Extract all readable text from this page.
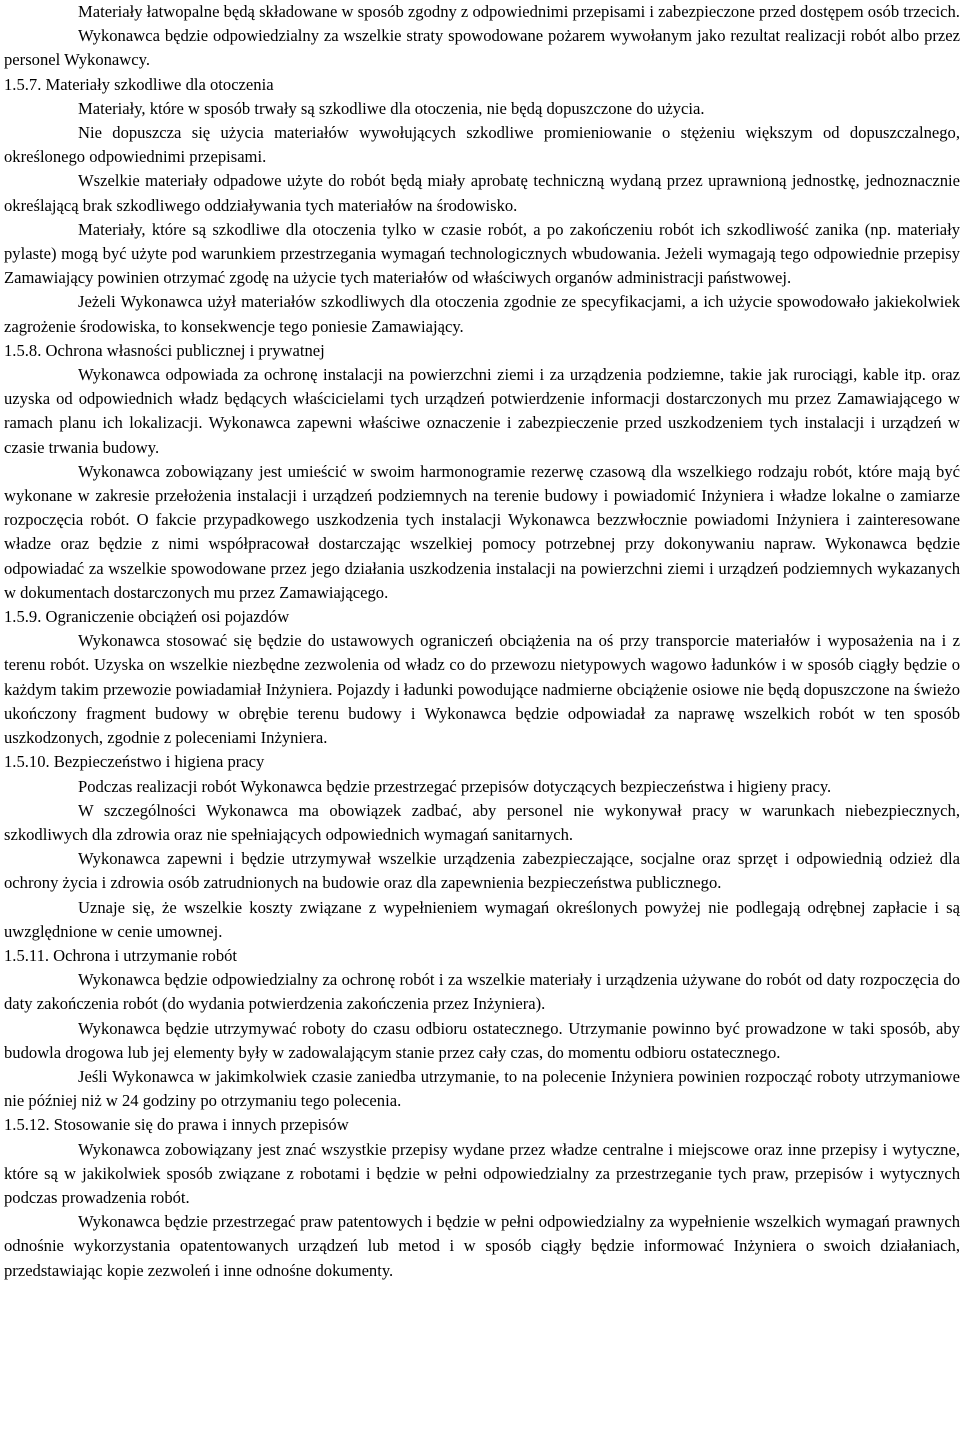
Materiały łatwopalne będą składowane w sposób zgodny z odpowiednimi przepisami i zabezpieczone przed dostępem osób trzecich.

Wykonawca będzie odpowiedzialny za wszelkie straty spowodowane pożarem wywołanym jako rezultat realizacji robót albo przez personel Wykonawcy.

1.5.7. Materiały szkodliwe dla otoczenia

Materiały, które w sposób trwały są szkodliwe dla otoczenia, nie będą dopuszczone do użycia.

Nie dopuszcza się użycia materiałów wywołujących szkodliwe promieniowanie o stężeniu większym od dopuszczalnego, określonego odpowiednimi przepisami.

Wszelkie materiały odpadowe użyte do robót będą miały aprobatę techniczną wydaną przez uprawnioną jednostkę, jednoznacznie określającą brak szkodliwego oddziaływania tych materiałów na środowisko.

Materiały, które są szkodliwe dla otoczenia tylko w czasie robót, a po zakończeniu robót ich szkodliwość zanika (np. materiały pylaste) mogą być użyte pod warunkiem przestrzegania wymagań technologicznych wbudowania. Jeżeli wymagają tego odpowiednie przepisy Zamawiający powinien otrzymać zgodę na użycie tych materiałów od właściwych organów administracji państwowej.

Jeżeli Wykonawca użył materiałów szkodliwych dla otoczenia zgodnie ze specyfikacjami, a ich użycie spowodowało jakiekolwiek zagrożenie środowiska, to konsekwencje tego poniesie Zamawiający.

1.5.8. Ochrona własności publicznej i prywatnej

Wykonawca odpowiada za ochronę instalacji na powierzchni ziemi i za urządzenia podziemne, takie jak rurociągi, kable itp. oraz uzyska od odpowiednich władz będących właścicielami tych urządzeń potwierdzenie informacji dostarczonych mu przez Zamawiającego w ramach planu ich lokalizacji. Wykonawca zapewni właściwe oznaczenie i zabezpieczenie przed uszkodzeniem tych instalacji i urządzeń w czasie trwania budowy.

Wykonawca zobowiązany jest umieścić w swoim harmonogramie rezerwę czasową dla wszelkiego rodzaju robót, które mają być wykonane w zakresie przełożenia instalacji i urządzeń podziemnych na terenie budowy i powiadomić Inżyniera i władze lokalne o zamiarze rozpoczęcia robót. O fakcie przypadkowego uszkodzenia tych instalacji Wykonawca bezzwłocznie powiadomi Inżyniera i zainteresowane władze oraz będzie z nimi współpracował dostarczając wszelkiej pomocy potrzebnej przy dokonywaniu napraw. Wykonawca będzie odpowiadać za wszelkie spowodowane przez jego działania uszkodzenia instalacji na powierzchni ziemi i urządzeń podziemnych wykazanych w dokumentach dostarczonych mu przez Zamawiającego.

1.5.9. Ograniczenie obciążeń osi pojazdów

Wykonawca stosować się będzie do ustawowych ograniczeń obciążenia na oś przy transporcie materiałów i wyposażenia na i z terenu robót. Uzyska on wszelkie niezbędne zezwolenia od władz co do przewozu nietypowych wagowo ładunków i w sposób ciągły będzie o każdym takim przewozie powiadamiał Inżyniera. Pojazdy i ładunki powodujące nadmierne obciążenie osiowe nie będą dopuszczone na świeżo ukończony fragment budowy w obrębie terenu budowy i Wykonawca będzie odpowiadał za naprawę wszelkich robót w ten sposób uszkodzonych, zgodnie z poleceniami Inżyniera.

1.5.10. Bezpieczeństwo i higiena pracy

Podczas realizacji robót Wykonawca będzie przestrzegać przepisów dotyczących bezpieczeństwa i higieny pracy.

W szczególności Wykonawca ma obowiązek zadbać, aby personel nie wykonywał pracy w warunkach niebezpiecznych, szkodliwych dla zdrowia oraz nie spełniających odpowiednich wymagań sanitarnych.

Wykonawca zapewni i będzie utrzymywał wszelkie urządzenia zabezpieczające, socjalne oraz sprzęt i odpowiednią odzież dla ochrony życia i zdrowia osób zatrudnionych na budowie oraz dla zapewnienia bezpieczeństwa publicznego.

Uznaje się, że wszelkie koszty związane z wypełnieniem wymagań określonych powyżej nie podlegają odrębnej zapłacie i są uwzględnione w cenie umownej.

1.5.11. Ochrona i utrzymanie robót

Wykonawca będzie odpowiedzialny za ochronę robót i za wszelkie materiały i urządzenia używane do robót od daty rozpoczęcia do daty zakończenia robót (do wydania potwierdzenia zakończenia przez Inżyniera).

Wykonawca będzie utrzymywać roboty do czasu odbioru ostatecznego. Utrzymanie powinno być prowadzone w taki sposób, aby budowla drogowa lub jej elementy były w zadowalającym stanie przez cały czas, do momentu odbioru ostatecznego.

Jeśli Wykonawca w jakimkolwiek czasie zaniedba utrzymanie, to na polecenie Inżyniera powinien rozpocząć roboty utrzymaniowe nie później niż w 24 godziny po otrzymaniu tego polecenia.

1.5.12. Stosowanie się do prawa i innych przepisów

Wykonawca zobowiązany jest znać wszystkie przepisy wydane przez władze centralne i miejscowe oraz inne przepisy i wytyczne, które są w jakikolwiek sposób związane z robotami i będzie w pełni odpowiedzialny za przestrzeganie tych praw, przepisów i wytycznych podczas prowadzenia robót.

Wykonawca będzie przestrzegać praw patentowych i będzie w pełni odpowiedzialny za wypełnienie wszelkich wymagań prawnych odnośnie wykorzystania opatentowanych urządzeń lub metod i w sposób ciągły będzie informować Inżyniera o swoich działaniach, przedstawiając kopie zezwoleń i inne odnośne dokumenty.
